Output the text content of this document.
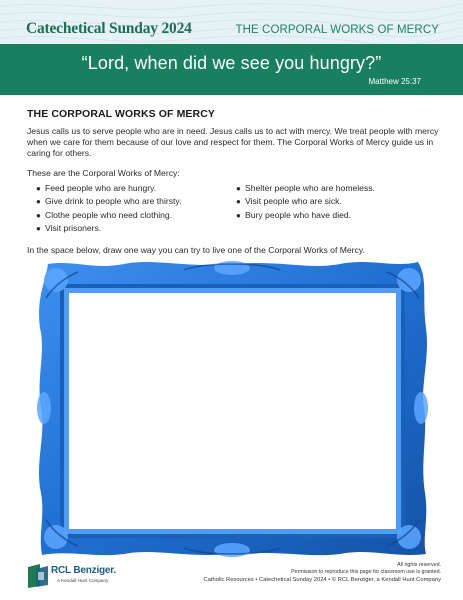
Catechetical Sunday 2024	THE CORPORAL WORKS OF MERCY
“Lord, when did we see you hungry?”
Matthew 25:37
THE CORPORAL WORKS OF MERCY

Jesus calls us to serve people who are in need. Jesus calls us to act with mercy. We treat people with mercy when we care for them because of our love and respect for them. The Corporal Works of Mercy guide us in caring for others.

These are the Corporal Works of Mercy:

● Feed people who are hungry.
● Give drink to people who are thirsty.
● Clothe people who need clothing.
● Visit prisoners.
● Shelter people who are homeless.
● Visit people who are sick.
● Bury people who have died.

In the space below, draw one way you can try to live one of the Corporal Works of Mercy.

RCL Benziger.
A Kendall Hunt Company
All rights reserved.
Permission to reproduce this page for classroom use is granted.
Catholic Resources • Catechetical Sunday 2024 • © RCL Benziger, a Kendall Hunt Company
